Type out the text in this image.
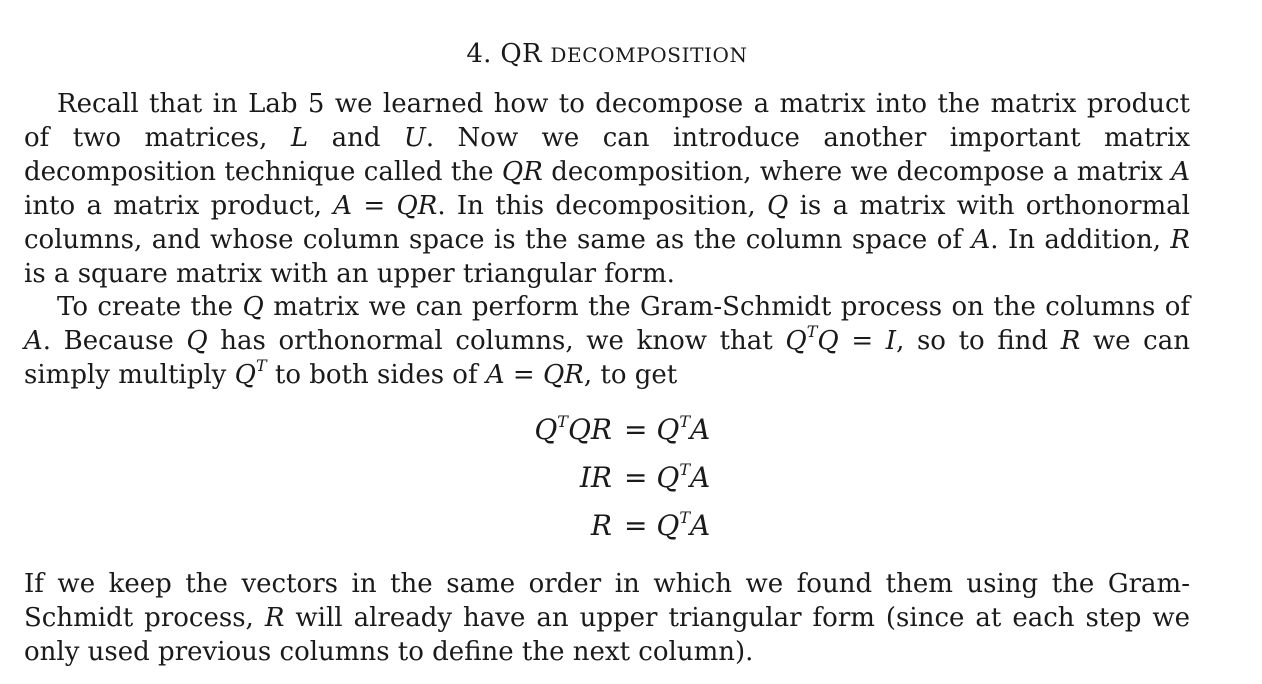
4. QR DECOMPOSITION
Recall that in Lab 5 we learned how to decompose a matrix into the matrix product of two matrices, L and U. Now we can introduce another important matrix decomposition technique called the QR decomposition, where we decompose a matrix A into a matrix product, A = QR. In this decomposition, Q is a matrix with orthonormal columns, and whose column space is the same as the column space of A. In addition, R is a square matrix with an upper triangular form.
To create the Q matrix we can perform the Gram-Schmidt process on the columns of A. Because Q has orthonormal columns, we know that $Q^TQ = I$, so to find R we can simply multiply $Q^T$ to both sides of A = QR, to get
$Q^TQR = Q^TA$
IR = $Q^TA$
$R = Q^TA$
If we keep the vectors in the same order in which we found them using the Gram-Schmidt process, R will already have an upper triangular form (since at each step we only used previous columns to define the next column).
